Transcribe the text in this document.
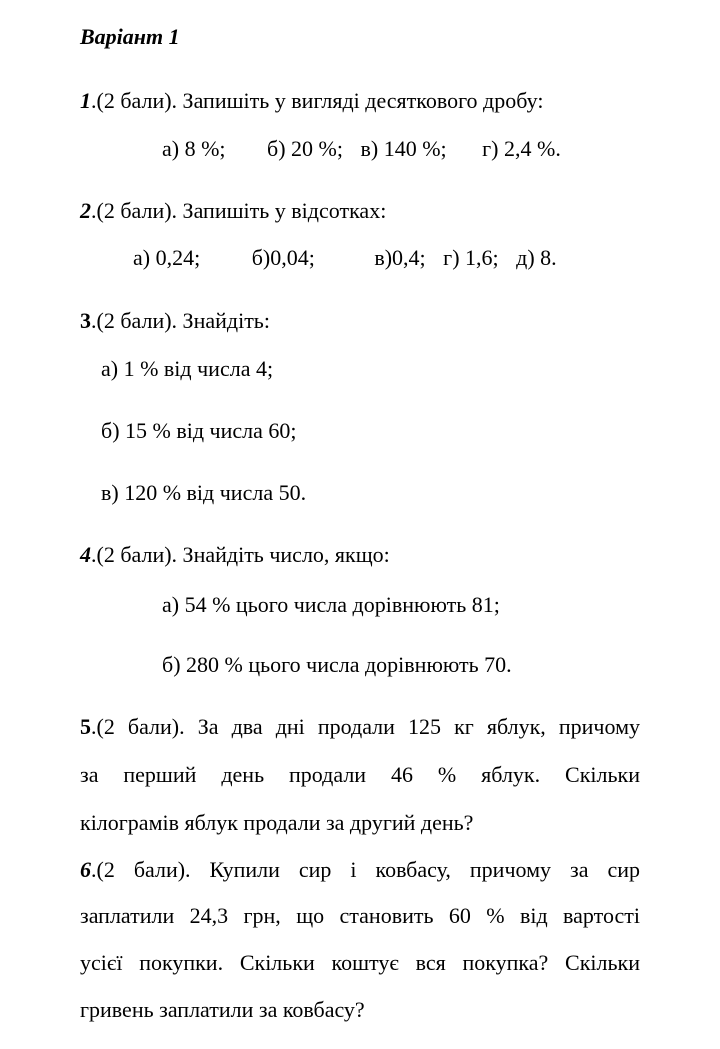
Варіант 1
1.(2 бали). Запишіть у вигляді десяткового дробу:
а) 8 %; б) 20 %; в) 140 %; г) 2,4 %.
2.(2 бали). Запишіть у відсотках:
а) 0,24; б)0,04;	в)0,4; г) 1,6; д) 8.
3.(2 бали). Знайдіть:
а) 1 % від числа 4;
б) 15 % від числа 60;
в) 120 % від числа 50.
4.(2 бали). Знайдіть число, якщо:
а) 54 % цього числа дорівнюють 81;
б) 280 % цього числа дорівнюють 70.
5.(2 бали). За два дні продали 125 кг яблук, причому
за перший день продали 46 % яблук. Скільки
кілограмів яблук продали за другий день?
6.(2 бали). Купили сир і ковбасу, причому за сир
заплатили 24,3 грн, що становить 60 % від вартості
усієї покупки. Скільки коштує вся покупка? Скільки
гривень заплатили за ковбасу?
